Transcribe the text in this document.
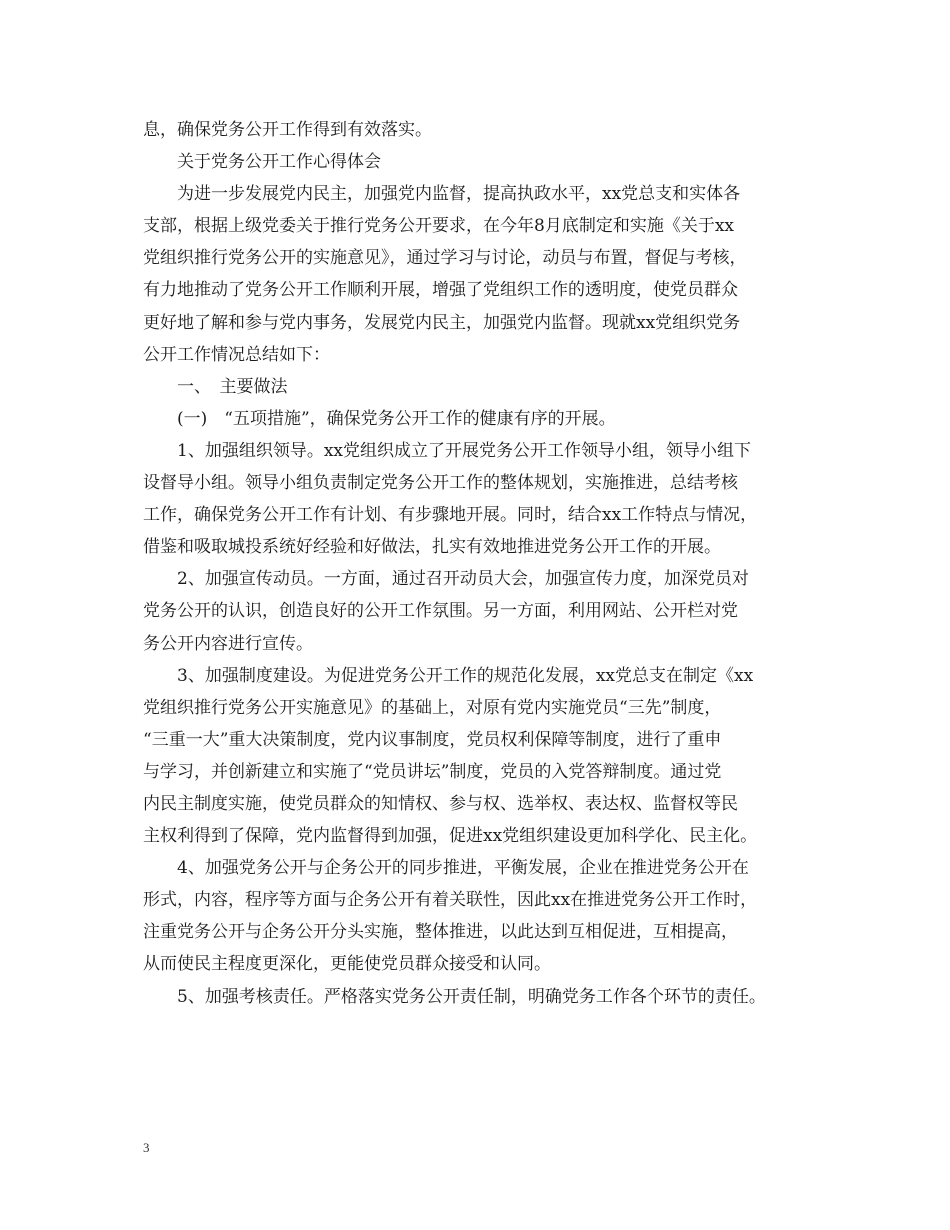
息，确保党务公开工作得到有效落实。
　　关于党务公开工作心得体会
　　为进一步发展党内民主，加强党内监督，提高执政水平，xx党总支和实体各
支部，根据上级党委关于推行党务公开要求，在今年8月底制定和实施《关于xx
党组织推行党务公开的实施意见》，通过学习与讨论，动员与布置，督促与考核，
有力地推动了党务公开工作顺利开展，增强了党组织工作的透明度，使党员群众
更好地了解和参与党内事务，发展党内民主，加强党内监督。现就xx党组织党务
公开工作情况总结如下：
　　一、　主要做法
　　(一)　“五项措施”，确保党务公开工作的健康有序的开展。
　　1、加强组织领导。xx党组织成立了开展党务公开工作领导小组，领导小组下
设督导小组。领导小组负责制定党务公开工作的整体规划，实施推进，总结考核
工作，确保党务公开工作有计划、有步骤地开展。同时，结合xx工作特点与情况，
借鉴和吸取城投系统好经验和好做法，扎实有效地推进党务公开工作的开展。
　　2、加强宣传动员。一方面，通过召开动员大会，加强宣传力度，加深党员对
党务公开的认识，创造良好的公开工作氛围。另一方面，利用网站、公开栏对党
务公开内容进行宣传。
　　3、加强制度建设。为促进党务公开工作的规范化发展，xx党总支在制定《xx
党组织推行党务公开实施意见》的基础上，对原有党内实施党员“三先”制度，
“三重一大”重大决策制度，党内议事制度，党员权利保障等制度，进行了重申
与学习，并创新建立和实施了“党员讲坛”制度，党员的入党答辩制度。通过党
内民主制度实施，使党员群众的知情权、参与权、选举权、表达权、监督权等民
主权利得到了保障，党内监督得到加强，促进xx党组织建设更加科学化、民主化。
　　4、加强党务公开与企务公开的同步推进，平衡发展，企业在推进党务公开在
形式，内容，程序等方面与企务公开有着关联性，因此xx在推进党务公开工作时，
注重党务公开与企务公开分头实施，整体推进，以此达到互相促进，互相提高，
从而使民主程度更深化，更能使党员群众接受和认同。
　　5、加强考核责任。严格落实党务公开责任制，明确党务工作各个环节的责任。
3
